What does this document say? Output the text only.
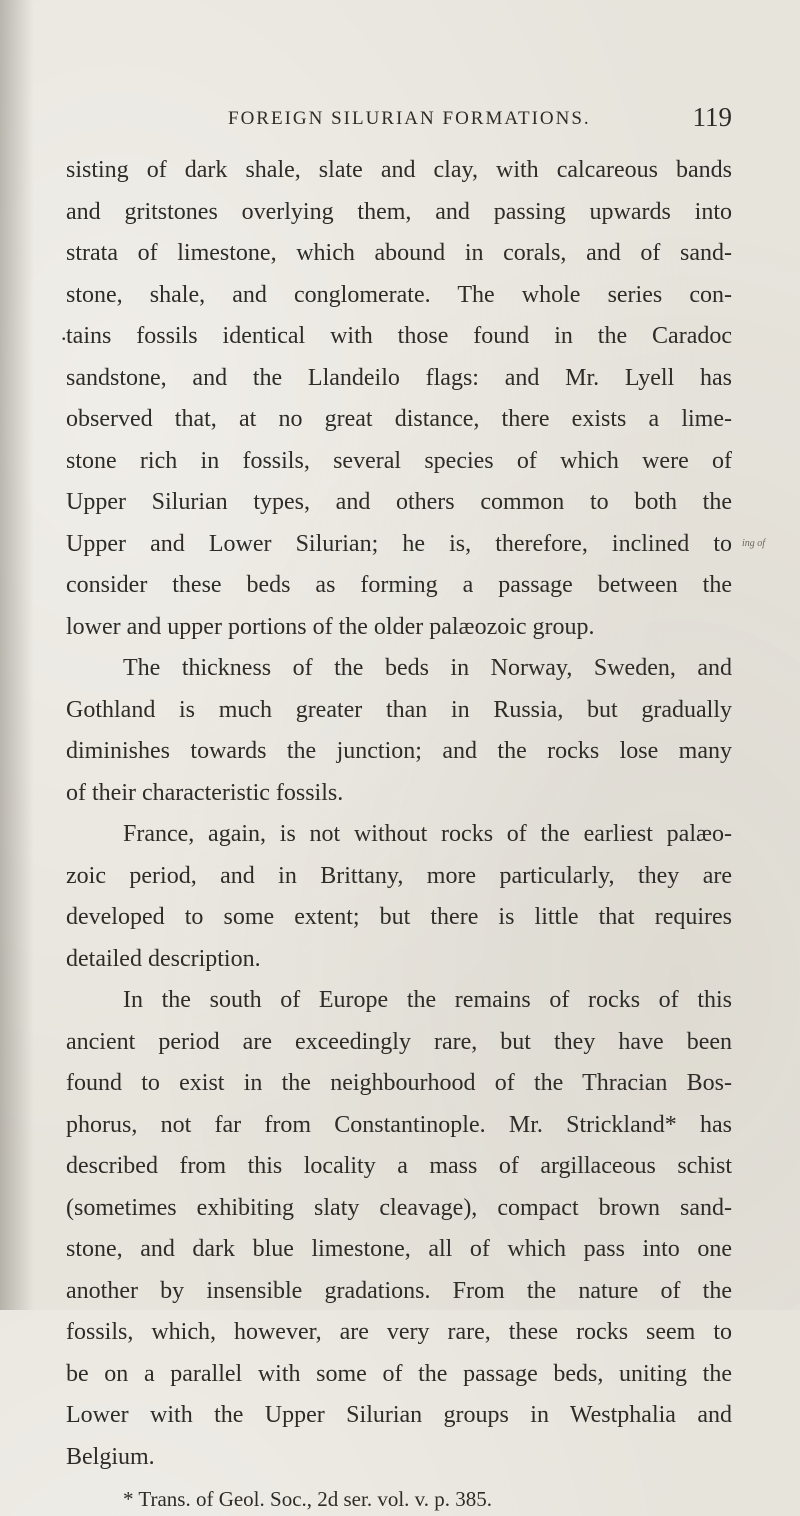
FOREIGN SILURIAN FORMATIONS.	119
sisting of dark shale, slate and clay, with calcareous bands
and gritstones overlying them, and passing upwards into
strata of limestone, which abound in corals, and of sand-
stone, shale, and conglomerate. The whole series con-
tains fossils identical with those found in the Caradoc
sandstone, and the Llandeilo flags: and Mr. Lyell has
observed that, at no great distance, there exists a lime-
stone rich in fossils, several species of which were of
Upper Silurian types, and others common to both the
Upper and Lower Silurian; he is, therefore, inclined to
consider these beds as forming a passage between the
lower and upper portions of the older palæozoic group.
The thickness of the beds in Norway, Sweden, and
Gothland is much greater than in Russia, but gradually
diminishes towards the junction; and the rocks lose many
of their characteristic fossils.
France, again, is not without rocks of the earliest palæo-
zoic period, and in Brittany, more particularly, they are
developed to some extent; but there is little that requires
detailed description.
In the south of Europe the remains of rocks of this
ancient period are exceedingly rare, but they have been
found to exist in the neighbourhood of the Thracian Bos-
phorus, not far from Constantinople. Mr. Strickland* has
described from this locality a mass of argillaceous schist
(sometimes exhibiting slaty cleavage), compact brown sand-
stone, and dark blue limestone, all of which pass into one
another by insensible gradations. From the nature of the
fossils, which, however, are very rare, these rocks seem to
be on a parallel with some of the passage beds, uniting the
Lower with the Upper Silurian groups in Westphalia and
Belgium.
* Trans. of Geol. Soc., 2d ser. vol. v. p. 385.
.
ing of
